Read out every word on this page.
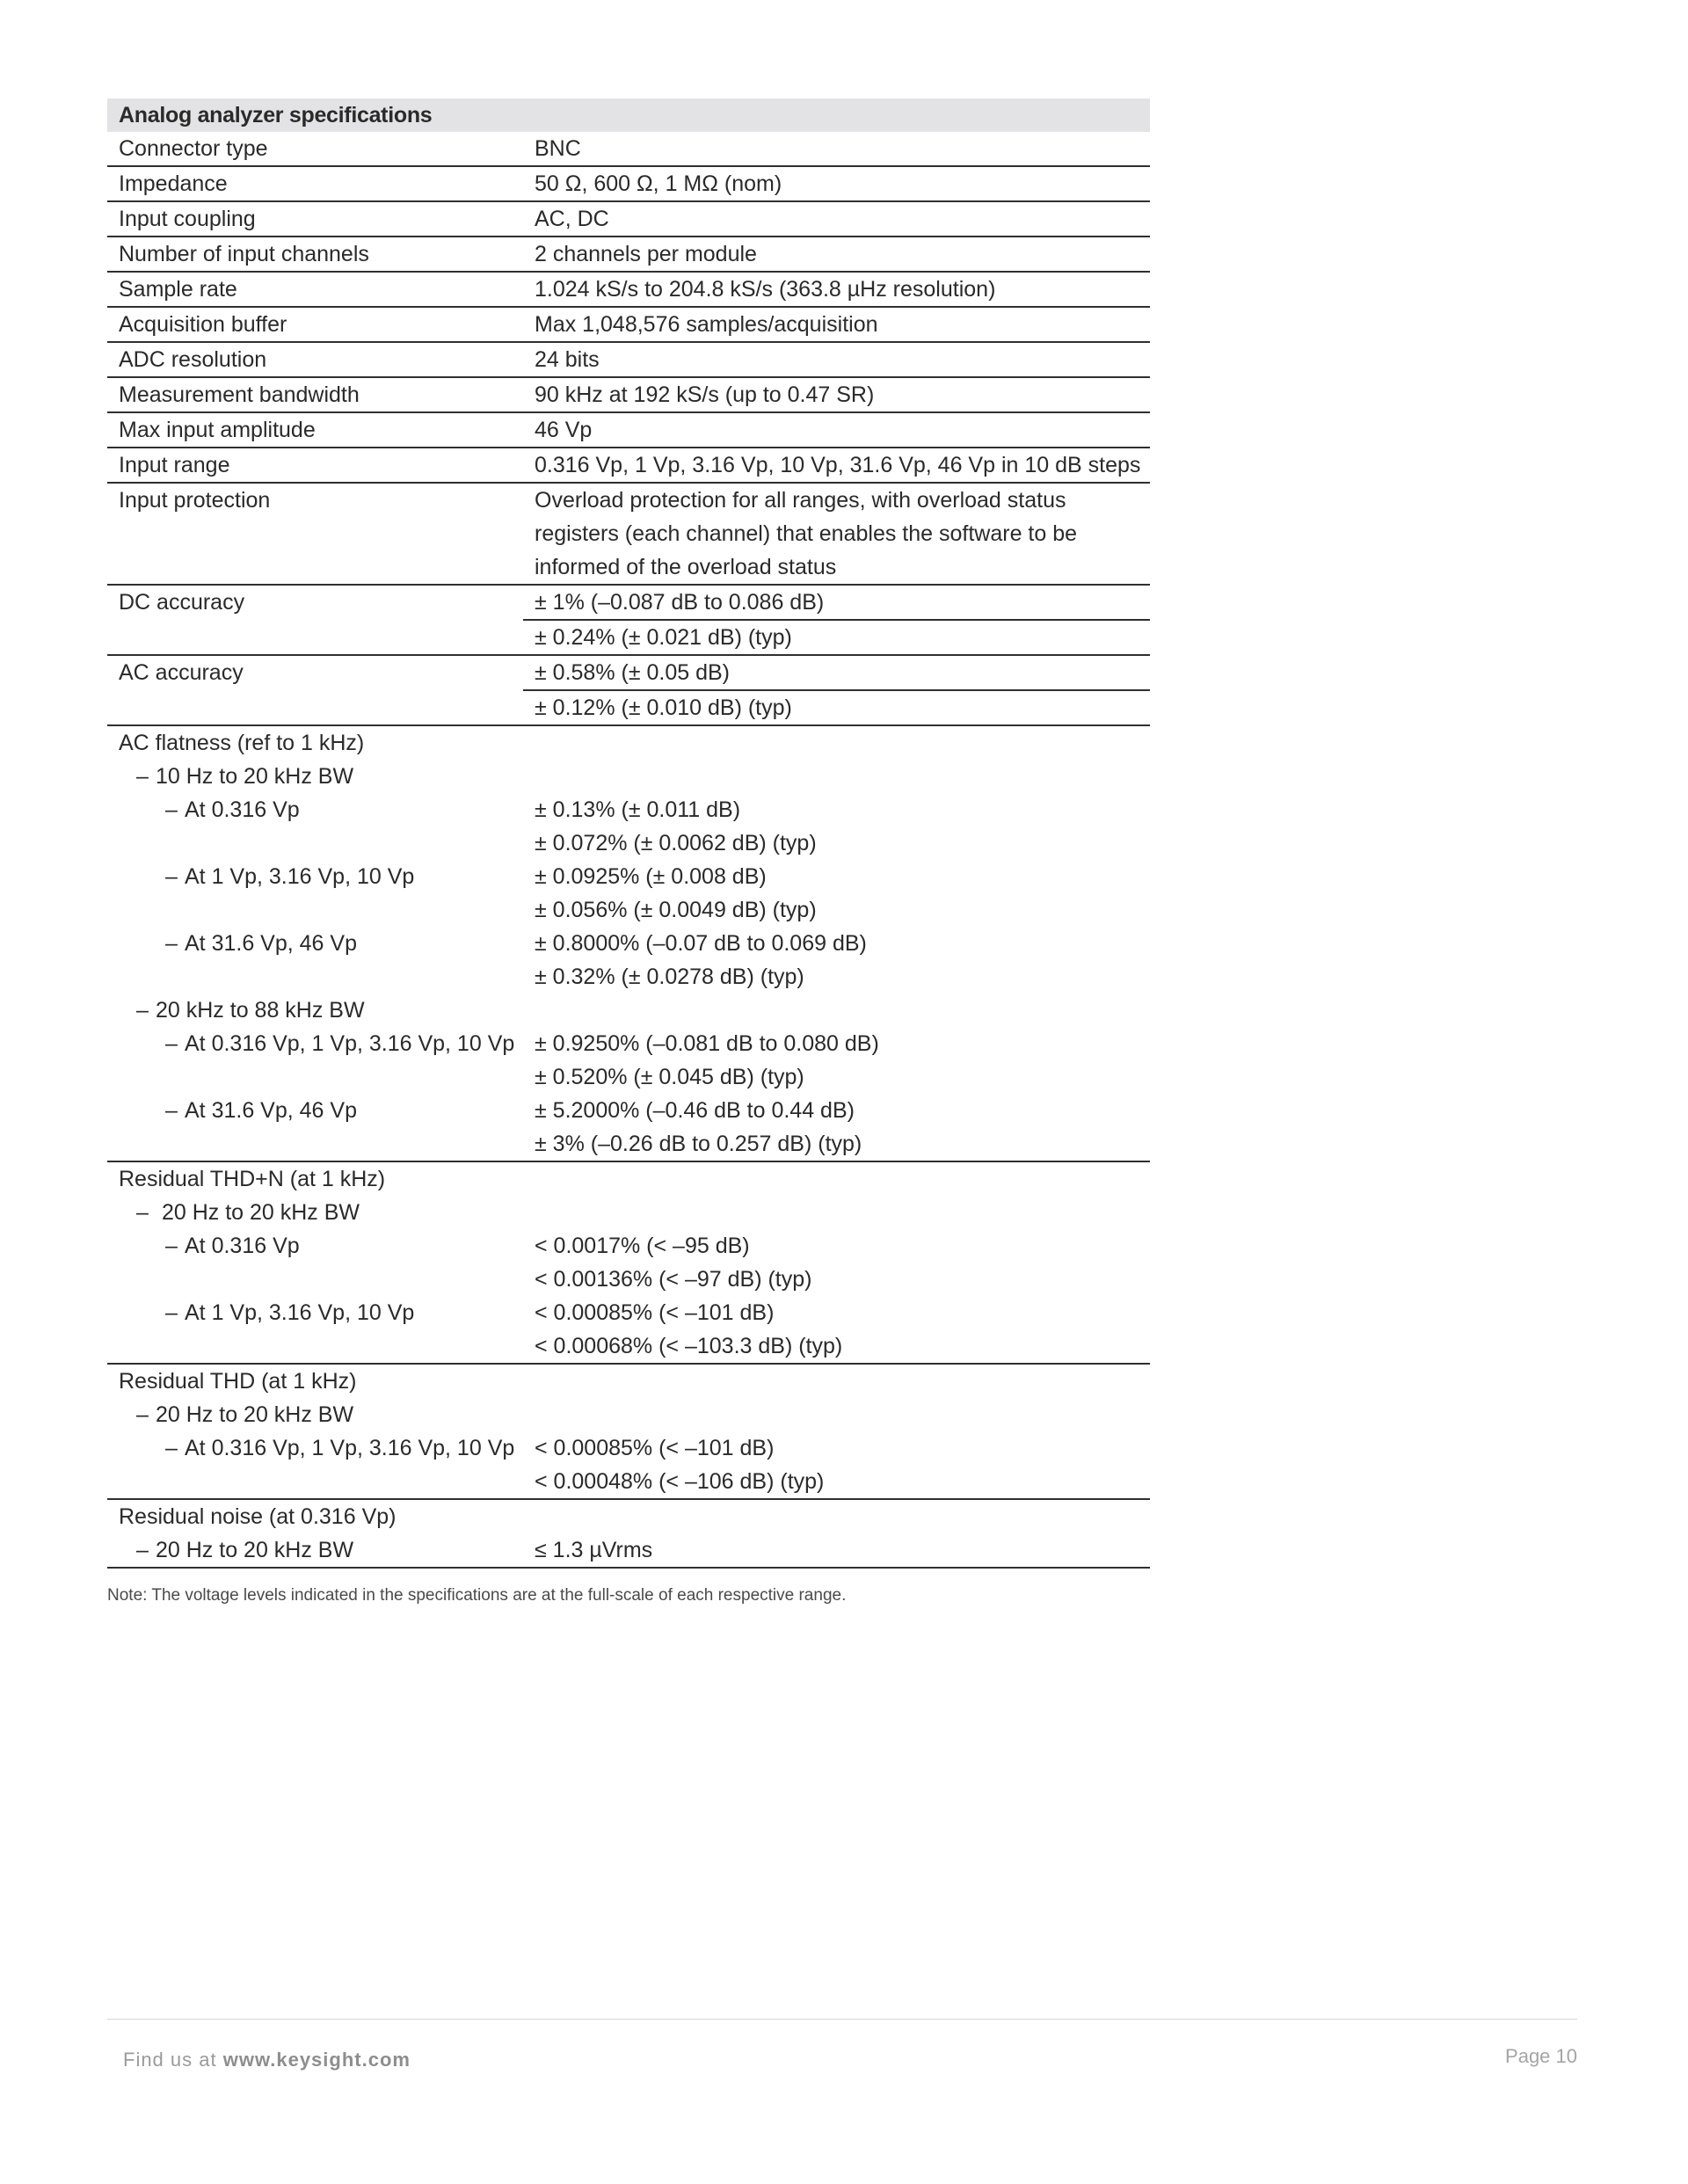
Analog analyzer specifications	
Connector type	BNC
Impedance	50 Ω, 600 Ω, 1 MΩ (nom)
Input coupling	AC, DC
Number of input channels	2 channels per module
Sample rate	1.024 kS/s to 204.8 kS/s (363.8 µHz resolution)
Acquisition buffer	Max 1,048,576 samples/acquisition
ADC resolution	24 bits
Measurement bandwidth	90 kHz at 192 kS/s (up to 0.47 SR)
Max input amplitude	46 Vp
Input range	0.316 Vp, 1 Vp, 3.16 Vp, 10 Vp, 31.6 Vp, 46 Vp in 10 dB steps
Input protection	Overload protection for all ranges, with overload status
registers (each channel) that enables the software to be
informed of the overload status

DC accuracy	± 1% (–0.087 dB to 0.086 dB)
	± 0.24% (± 0.021 dB) (typ)
AC accuracy	± 0.58% (± 0.05 dB)
	± 0.12% (± 0.010 dB) (typ)
AC flatness (ref to 1 kHz)	
– 10 Hz to 20 kHz BW	
– At 0.316 Vp	± 0.13% (± 0.011 dB)
± 0.072% (± 0.0062 dB) (typ)

– At 1 Vp, 3.16 Vp, 10 Vp	± 0.0925% (± 0.008 dB)
± 0.056% (± 0.0049 dB) (typ)

– At 31.6 Vp, 46 Vp	± 0.8000% (–0.07 dB to 0.069 dB)
± 0.32% (± 0.0278 dB) (typ)

– 20 kHz to 88 kHz BW	
– At 0.316 Vp, 1 Vp, 3.16 Vp, 10 Vp	± 0.9250% (–0.081 dB to 0.080 dB)
± 0.520% (± 0.045 dB) (typ)

– At 31.6 Vp, 46 Vp	± 5.2000% (–0.46 dB to 0.44 dB)
± 3% (–0.26 dB to 0.257 dB) (typ)

Residual THD+N (at 1 kHz)	
– 20 Hz to 20 kHz BW	
– At 0.316 Vp	< 0.0017% (< –95 dB)
< 0.00136% (< –97 dB) (typ)

– At 1 Vp, 3.16 Vp, 10 Vp	< 0.00085% (< –101 dB)
< 0.00068% (< –103.3 dB) (typ)

Residual THD (at 1 kHz)	
– 20 Hz to 20 kHz BW	
– At 0.316 Vp, 1 Vp, 3.16 Vp, 10 Vp	< 0.00085% (< –101 dB)
< 0.00048% (< –106 dB) (typ)

Residual noise (at 0.316 Vp)	
– 20 Hz to 20 kHz BW	≤ 1.3 µVrms
Note: The voltage levels indicated in the specifications are at the full-scale of each respective range.
Find us at www.keysight.com	Page 10
